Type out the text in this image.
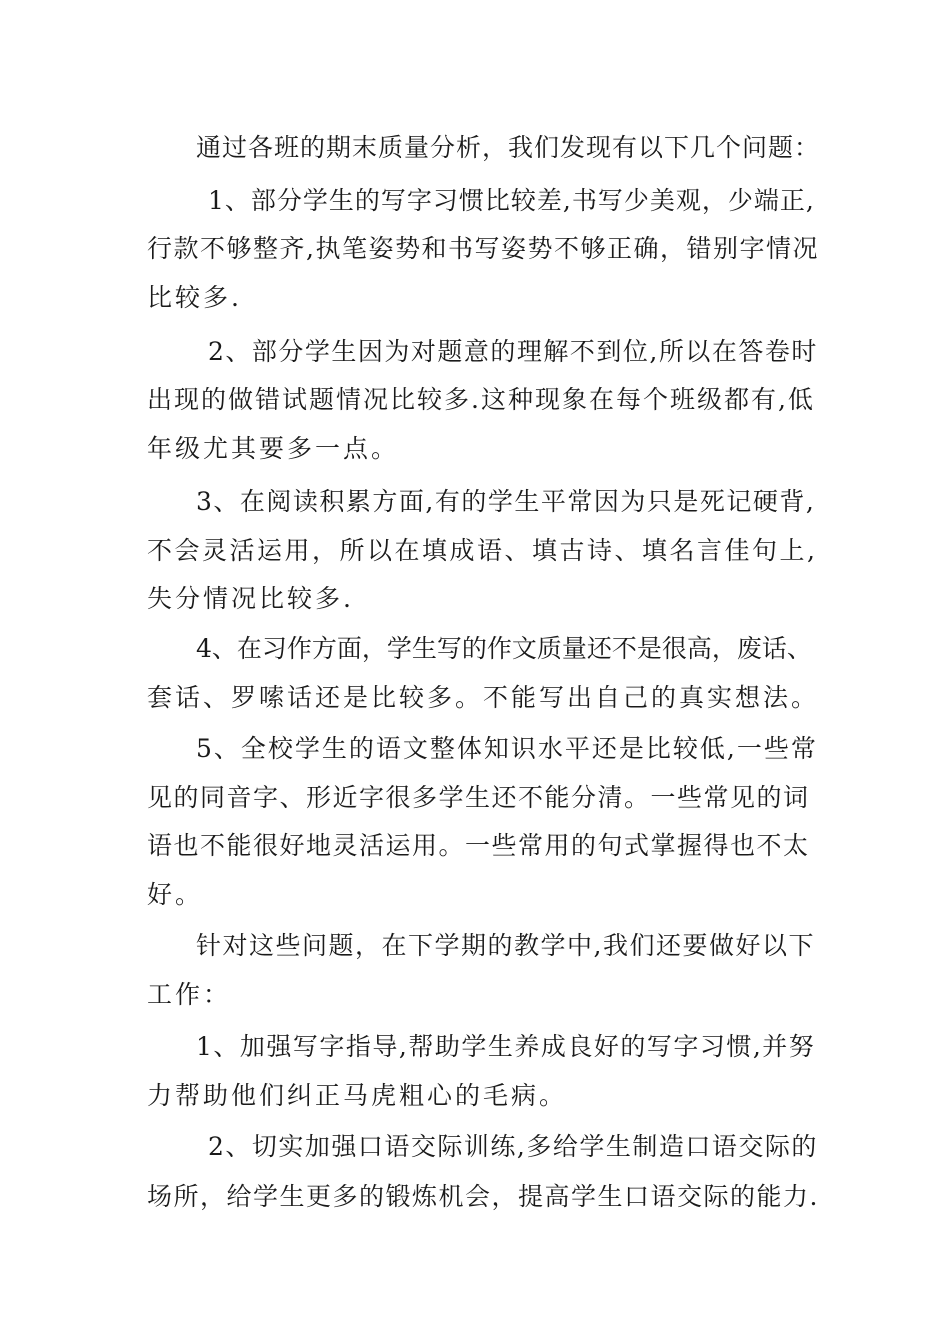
通过各班的期末质量分析，我们发现有以下几个问题：
1、部分学生的写字习惯比较差,书写少美观，少端正,
行款不够整齐,执笔姿势和书写姿势不够正确，错别字情况
比较多.
2、部分学生因为对题意的理解不到位,所以在答卷时
出现的做错试题情况比较多.这种现象在每个班级都有,低
年级尤其要多一点。
3、在阅读积累方面,有的学生平常因为只是死记硬背,
不会灵活运用，所以在填成语、填古诗、填名言佳句上,
失分情况比较多.
4、在习作方面，学生写的作文质量还不是很高，废话、
套话、罗嗦话还是比较多。不能写出自己的真实想法。
5、全校学生的语文整体知识水平还是比较低,一些常
见的同音字、形近字很多学生还不能分清。一些常见的词
语也不能很好地灵活运用。一些常用的句式掌握得也不太
好。
针对这些问题，在下学期的教学中,我们还要做好以下
工作：
1、加强写字指导,帮助学生养成良好的写字习惯,并努
力帮助他们纠正马虎粗心的毛病。
2、切实加强口语交际训练,多给学生制造口语交际的
场所，给学生更多的锻炼机会，提高学生口语交际的能力.
